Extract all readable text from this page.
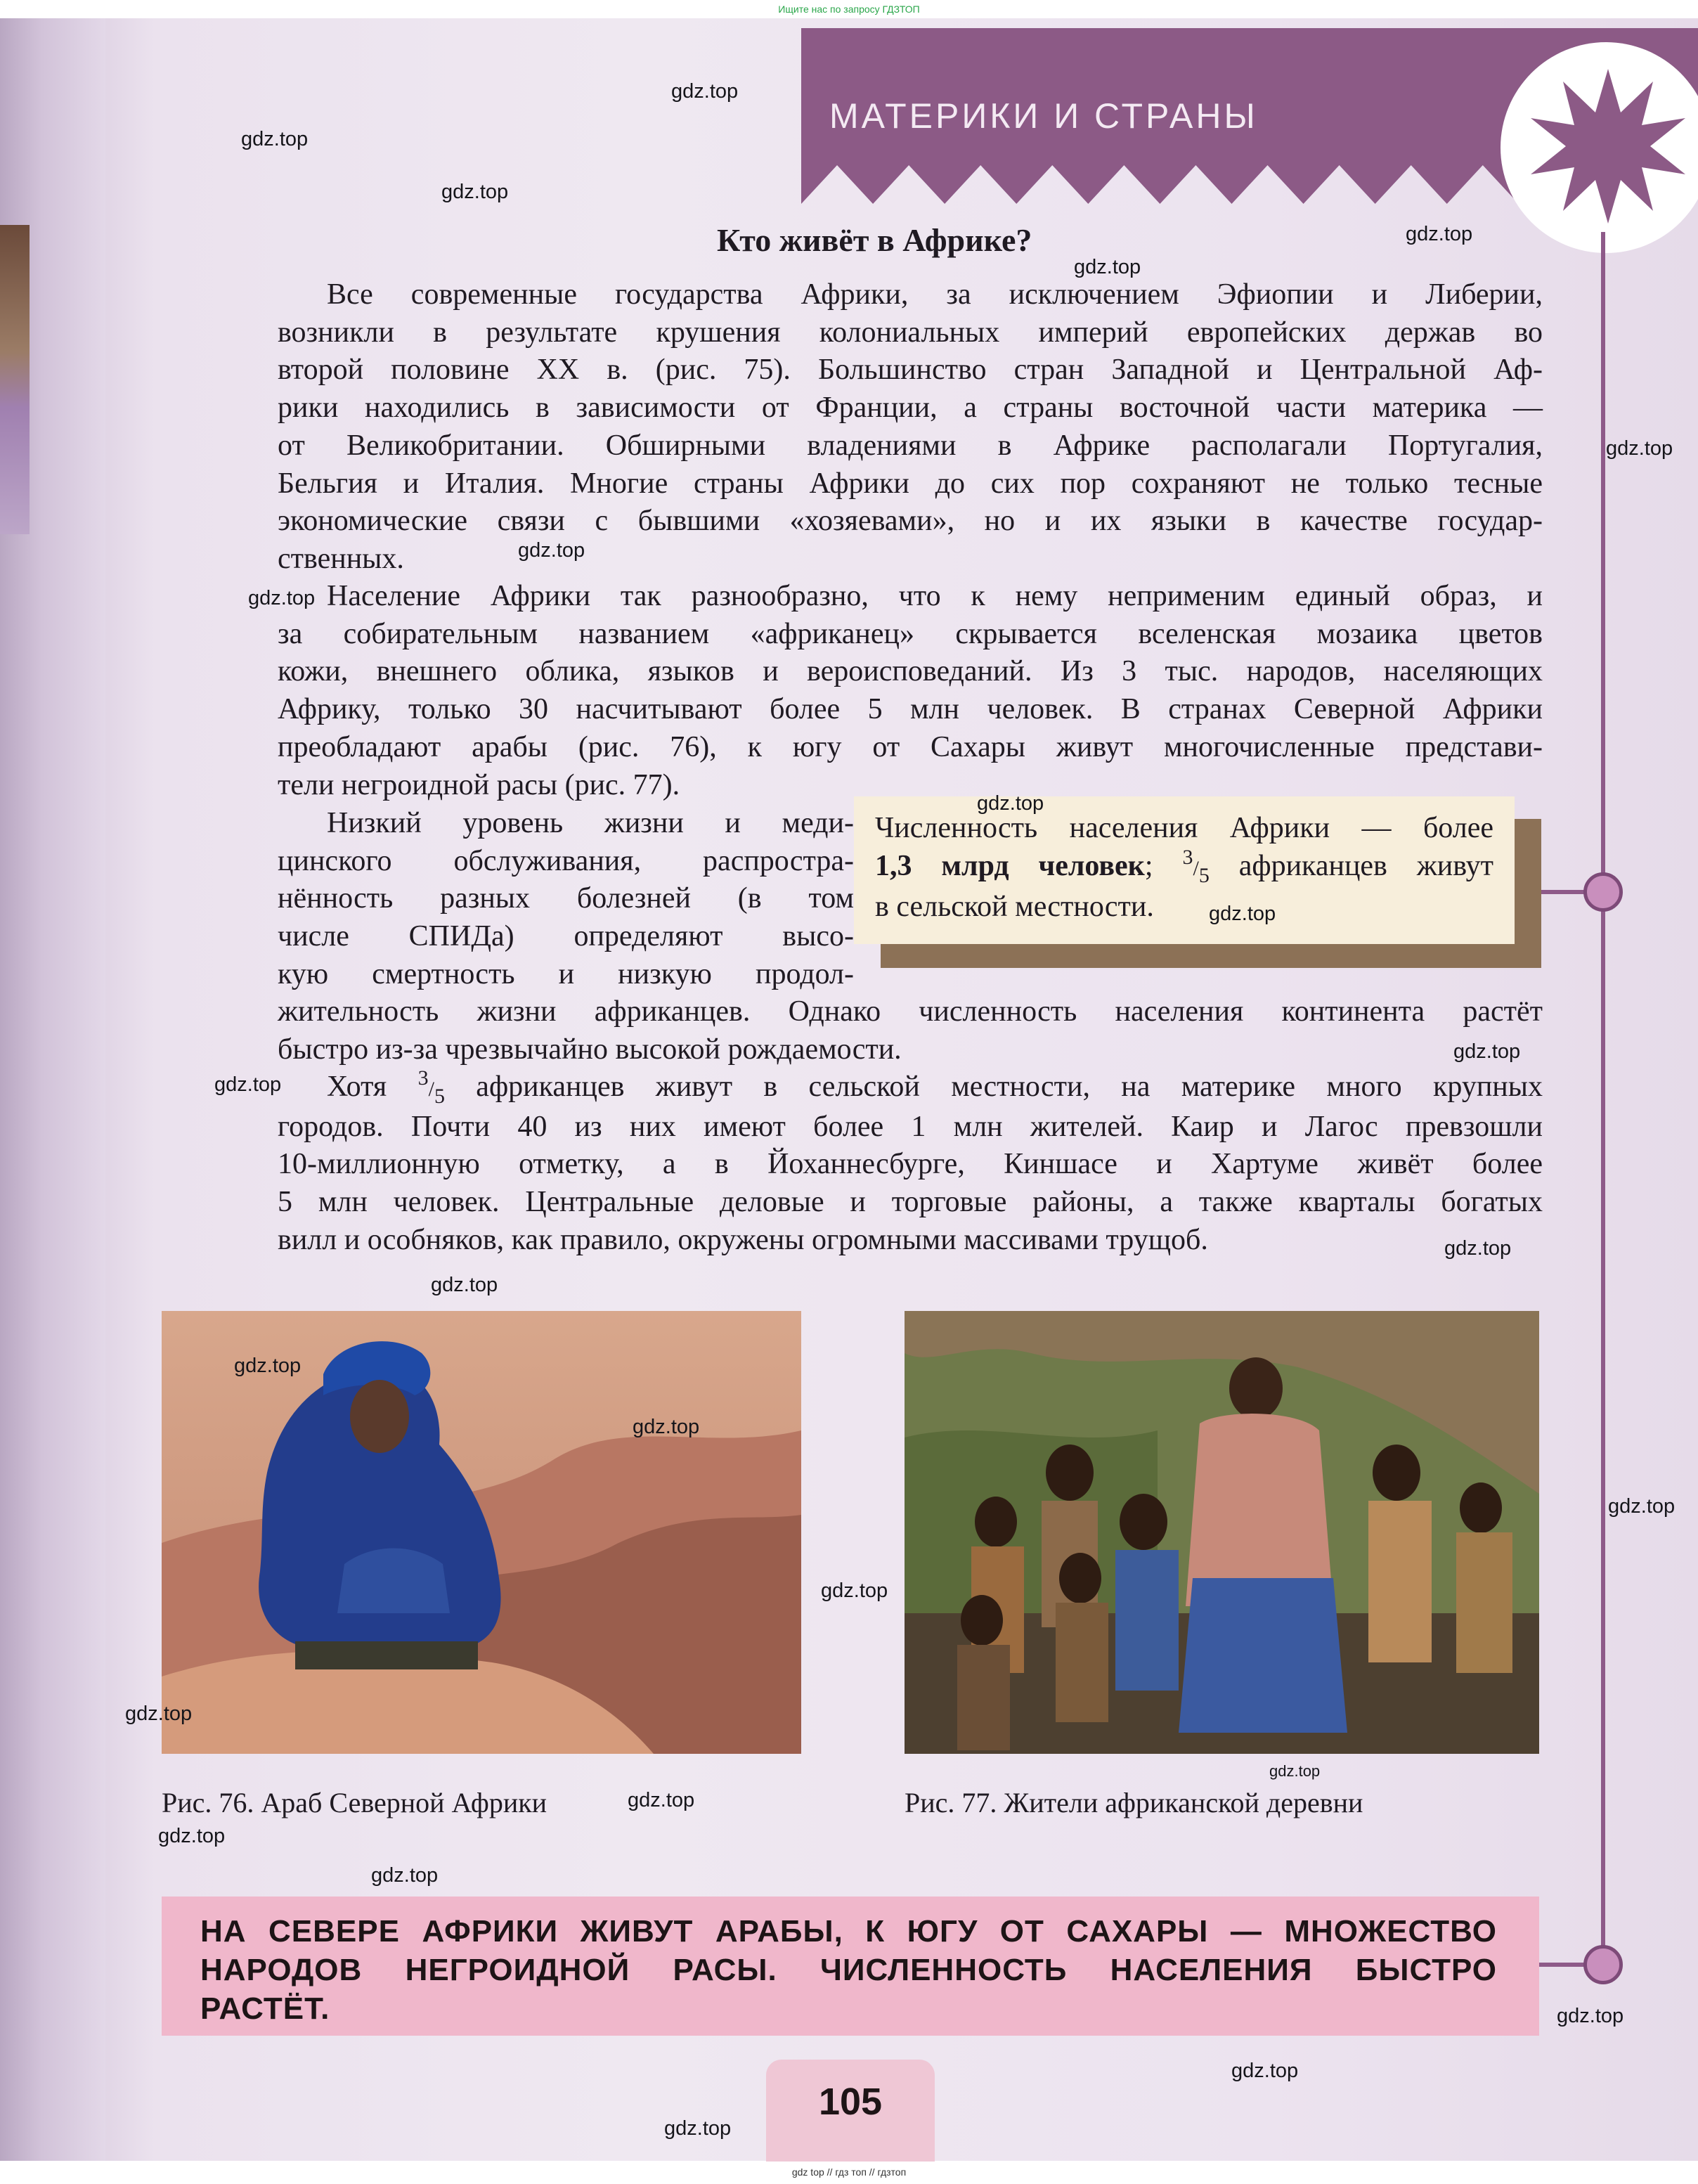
Ищите нас по запросу ГДЗТОП
МАТЕРИКИ И СТРАНЫ
Кто живёт в Африке?
Все современные государства Африки, за исключением Эфиопии и Либерии,
возникли в результате крушения колониальных империй европейских держав во
второй половине XX в. (рис. 75). Большинство стран Западной и Центральной Аф-
рики находились в зависимости от Франции, а страны восточной части материка —
от Великобритании. Обширными владениями в Африке располагали Португалия,
Бельгия и Италия. Многие страны Африки до сих пор сохраняют не только тесные
экономические связи с бывшими «хозяевами», но и их языки в качестве государ-
ственных.
Население Африки так разнообразно, что к нему неприменим единый образ, и
за собирательным названием «африканец» скрывается вселенская мозаика цветов
кожи, внешнего облика, языков и вероисповеданий. Из 3 тыс. народов, населяющих
Африку, только 30 насчитывают более 5 млн человек. В странах Северной Африки
преобладают арабы (рис. 76), к югу от Сахары живут многочисленные представи-
тели негроидной расы (рис. 77).
Низкий уровень жизни и меди-
цинского обслуживания, распростра-
нённость разных болезней (в том
числе СПИДа) определяют высо-
кую смертность и низкую продол-
жительность жизни африканцев. Однако численность населения континента растёт
быстро из-за чрезвычайно высокой рождаемости.
Хотя 3/5 африканцев живут в сельской местности, на материке много крупных
городов. Почти 40 из них имеют более 1 млн жителей. Каир и Лагос превзошли
10-миллионную отметку, а в Йоханнесбурге, Киншасе и Хартуме живёт более
5 млн человек. Центральные деловые и торговые районы, а также кварталы богатых
вилл и особняков, как правило, окружены огромными массивами трущоб.
Численность населения Африки — более
1,3 млрд человек; 3/5 африканцев живут
в сельской местности.
Рис. 76. Араб Северной Африки	Рис. 77. Жители африканской деревни
НА СЕВЕРЕ АФРИКИ ЖИВУТ АРАБЫ, К ЮГУ ОТ САХАРЫ — МНОЖЕСТВО
НАРОДОВ НЕГРОИДНОЙ РАСЫ. ЧИСЛЕННОСТЬ НАСЕЛЕНИЯ БЫСТРО
РАСТЁТ.
105
gdz.top
gdz.top
gdz.top
gdz.top
gdz.top
gdz.top
gdz.top
gdz.top
gdz.top
gdz.top
gdz.top
gdz.top
gdz.top
gdz.top
gdz.top
gdz.top
gdz.top
gdz.top
gdz.top
gdz.top
gdz.top
gdz.top
gdz.top
gdz.top
gdz.top
gdz.top
gdz top // гдз топ // гдзтоп
